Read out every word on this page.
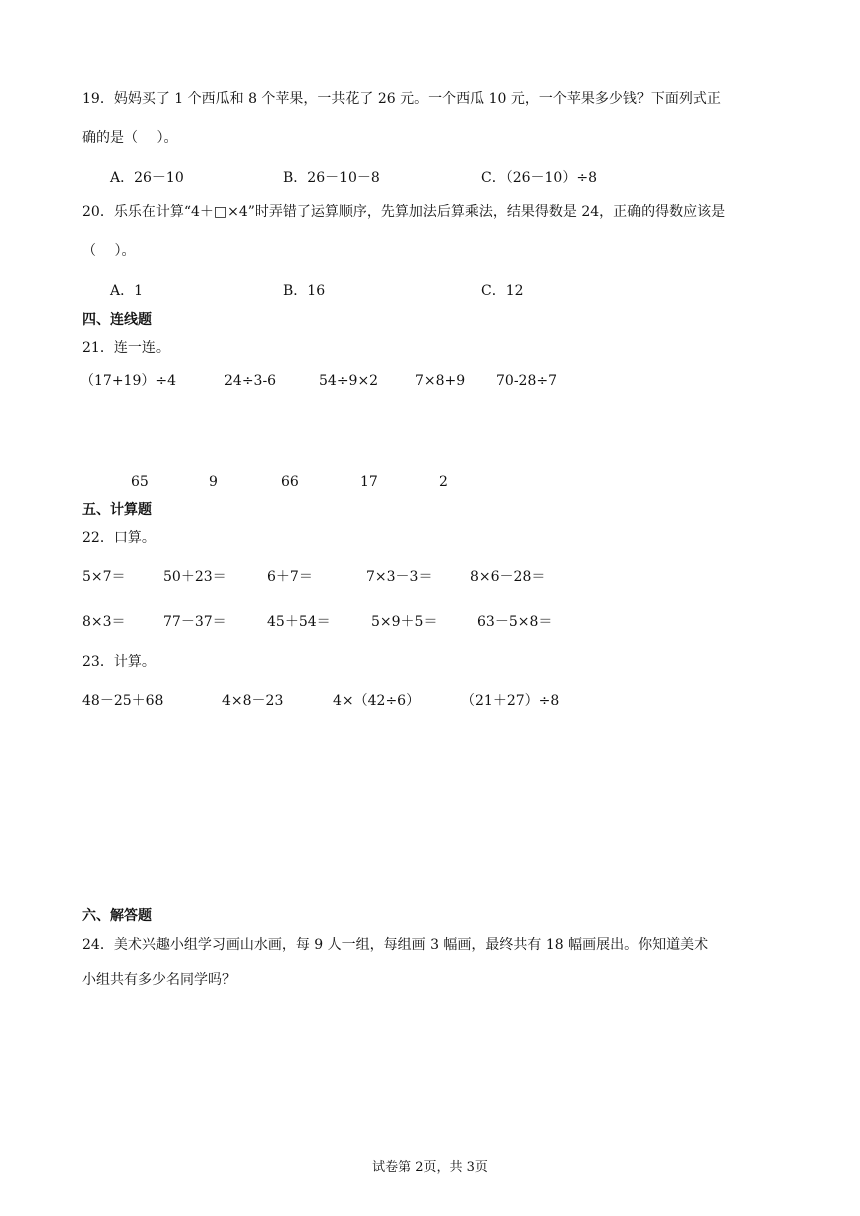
19．妈妈买了 1 个西瓜和 8 个苹果，一共花了 26 元。一个西瓜 10 元，一个苹果多少钱？下面列式正
确的是（　 ）。
A．26－10	B．26－10－8	C．（26－10）÷8
20．乐乐在计算“4＋□×4”时弄错了运算顺序，先算加法后算乘法，结果得数是 24，正确的得数应该是
（　 ）。
A．1	B．16	C．12
四、连线题
21．连一连。
（17+19）÷4	24÷3-6	54÷9×2	7×8+9 70-28÷7
65	9	66	17	2
五、计算题
22．口算。
5×7＝	50＋23＝	6＋7＝	7×3－3＝	8×6－28＝
8×3＝	77－37＝	45＋54＝	5×9＋5＝	63－5×8＝
23．计算。
48－25＋68	4×8－23	4×（42÷6）	（21＋27）÷8
六、解答题
24．美术兴趣小组学习画山水画，每 9 人一组，每组画 3 幅画，最终共有 18 幅画展出。你知道美术
小组共有多少名同学吗？
试卷第 2页，共 3页
